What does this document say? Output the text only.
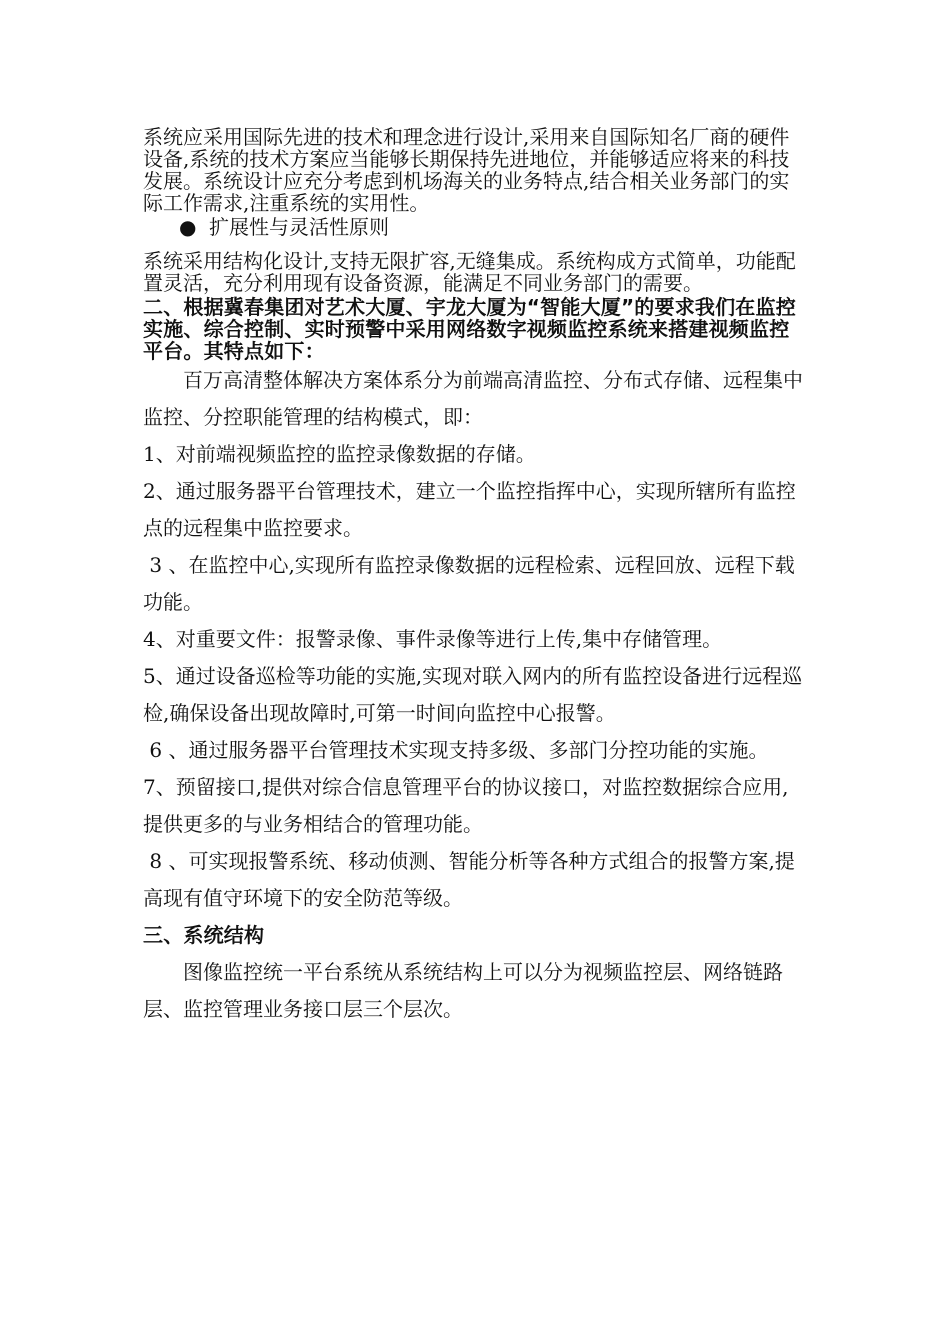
系统应采用国际先进的技术和理念进行设计,采用来自国际知名厂商的硬件设备,系统的技术方案应当能够长期保持先进地位，并能够适应将来的科技发展。系统设计应充分考虑到机场海关的业务特点,结合相关业务部门的实际工作需求,注重系统的实用性。

● 扩展性与灵活性原则

系统采用结构化设计,支持无限扩容,无缝集成。系统构成方式简单，功能配置灵活，充分利用现有设备资源，能满足不同业务部门的需要。

二、根据冀春集团对艺术大厦、宇龙大厦为“智能大厦”的要求我们在监控实施、综合控制、实时预警中采用网络数字视频监控系统来搭建视频监控平台。其特点如下：

百万高清整体解决方案体系分为前端高清监控、分布式存储、远程集中监控、分控职能管理的结构模式，即：

1、对前端视频监控的监控录像数据的存储。

2、通过服务器平台管理技术，建立一个监控指挥中心，实现所辖所有监控点的远程集中监控要求。

3 、在监控中心,实现所有监控录像数据的远程检索、远程回放、远程下载功能。

4、对重要文件：报警录像、事件录像等进行上传,集中存储管理。

5、通过设备巡检等功能的实施,实现对联入网内的所有监控设备进行远程巡检,确保设备出现故障时,可第一时间向监控中心报警。

6 、通过服务器平台管理技术实现支持多级、多部门分控功能的实施。

7、预留接口,提供对综合信息管理平台的协议接口，对监控数据综合应用,提供更多的与业务相结合的管理功能。

8 、可实现报警系统、移动侦测、智能分析等各种方式组合的报警方案,提高现有值守环境下的安全防范等级。

三、系统结构

图像监控统一平台系统从系统结构上可以分为视频监控层、网络链路层、监控管理业务接口层三个层次。
